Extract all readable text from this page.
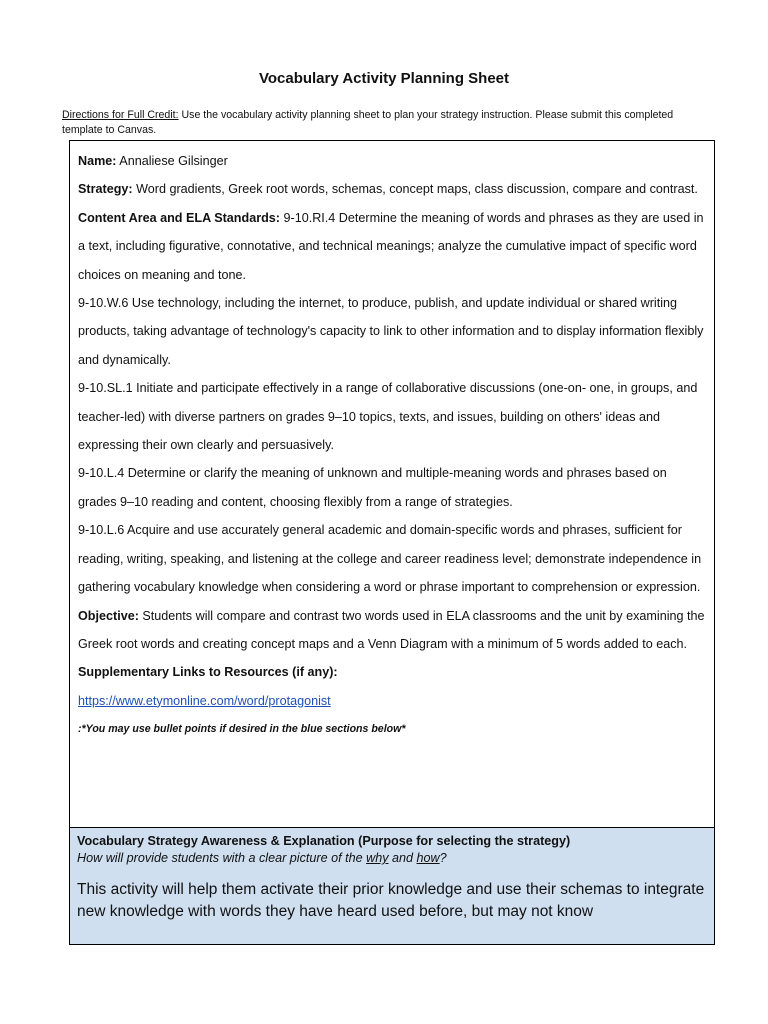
Vocabulary Activity Planning Sheet
Directions for Full Credit: Use the vocabulary activity planning sheet to plan your strategy instruction. Please submit this completed template to Canvas.

Name: Annaliese Gilsinger

Strategy: Word gradients, Greek root words, schemas, concept maps, class discussion, compare and contrast.

Content Area and ELA Standards: 9-10.RI.4 Determine the meaning of words and phrases as they are used in a text, including figurative, connotative, and technical meanings; analyze the cumulative impact of specific word choices on meaning and tone.

9-10.W.6 Use technology, including the internet, to produce, publish, and update individual or shared writing products, taking advantage of technology's capacity to link to other information and to display information flexibly and dynamically.

9-10.SL.1 Initiate and participate effectively in a range of collaborative discussions (one-on- one, in groups, and teacher-led) with diverse partners on grades 9–10 topics, texts, and issues, building on others' ideas and expressing their own clearly and persuasively.

9-10.L.4 Determine or clarify the meaning of unknown and multiple-meaning words and phrases based on grades 9–10 reading and content, choosing flexibly from a range of strategies.

9-10.L.6 Acquire and use accurately general academic and domain-specific words and phrases, sufficient for reading, writing, speaking, and listening at the college and career readiness level; demonstrate independence in gathering vocabulary knowledge when considering a word or phrase important to comprehension or expression.

Objective: Students will compare and contrast two words used in ELA classrooms and the unit by examining the Greek root words and creating concept maps and a Venn Diagram with a minimum of 5 words added to each.

Supplementary Links to Resources (if any):

https://www.etymonline.com/word/protagonist

:*You may use bullet points if desired in the blue sections below*

Vocabulary Strategy Awareness & Explanation (Purpose for selecting the strategy)

How will provide students with a clear picture of the why and how?

This activity will help them activate their prior knowledge and use their schemas to integrate new knowledge with words they have heard used before, but may not know
